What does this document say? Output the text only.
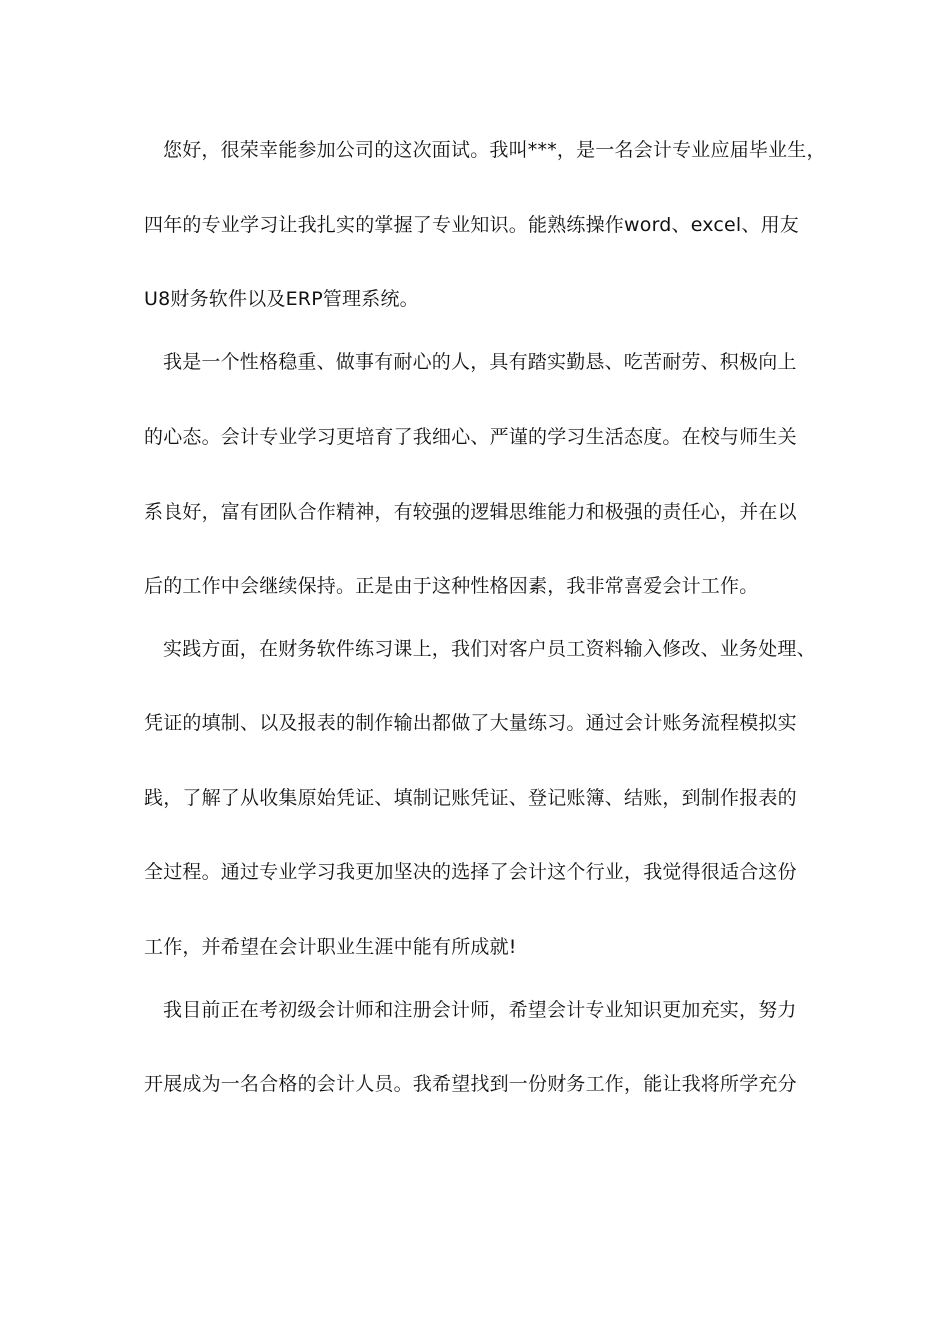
您好，很荣幸能参加公司的这次面试。我叫***，是一名会计专业应届毕业生，
四年的专业学习让我扎实的掌握了专业知识。能熟练操作word、excel、用友
U8财务软件以及ERP管理系统。
我是一个性格稳重、做事有耐心的人，具有踏实勤恳、吃苦耐劳、积极向上
的心态。会计专业学习更培育了我细心、严谨的学习生活态度。在校与师生关
系良好，富有团队合作精神，有较强的逻辑思维能力和极强的责任心，并在以
后的工作中会继续保持。正是由于这种性格因素，我非常喜爱会计工作。
实践方面，在财务软件练习课上，我们对客户员工资料输入修改、业务处理、
凭证的填制、以及报表的制作输出都做了大量练习。通过会计账务流程模拟实
践，了解了从收集原始凭证、填制记账凭证、登记账簿、结账，到制作报表的
全过程。通过专业学习我更加坚决的选择了会计这个行业，我觉得很适合这份
工作，并希望在会计职业生涯中能有所成就!
我目前正在考初级会计师和注册会计师，希望会计专业知识更加充实，努力
开展成为一名合格的会计人员。我希望找到一份财务工作，能让我将所学充分
